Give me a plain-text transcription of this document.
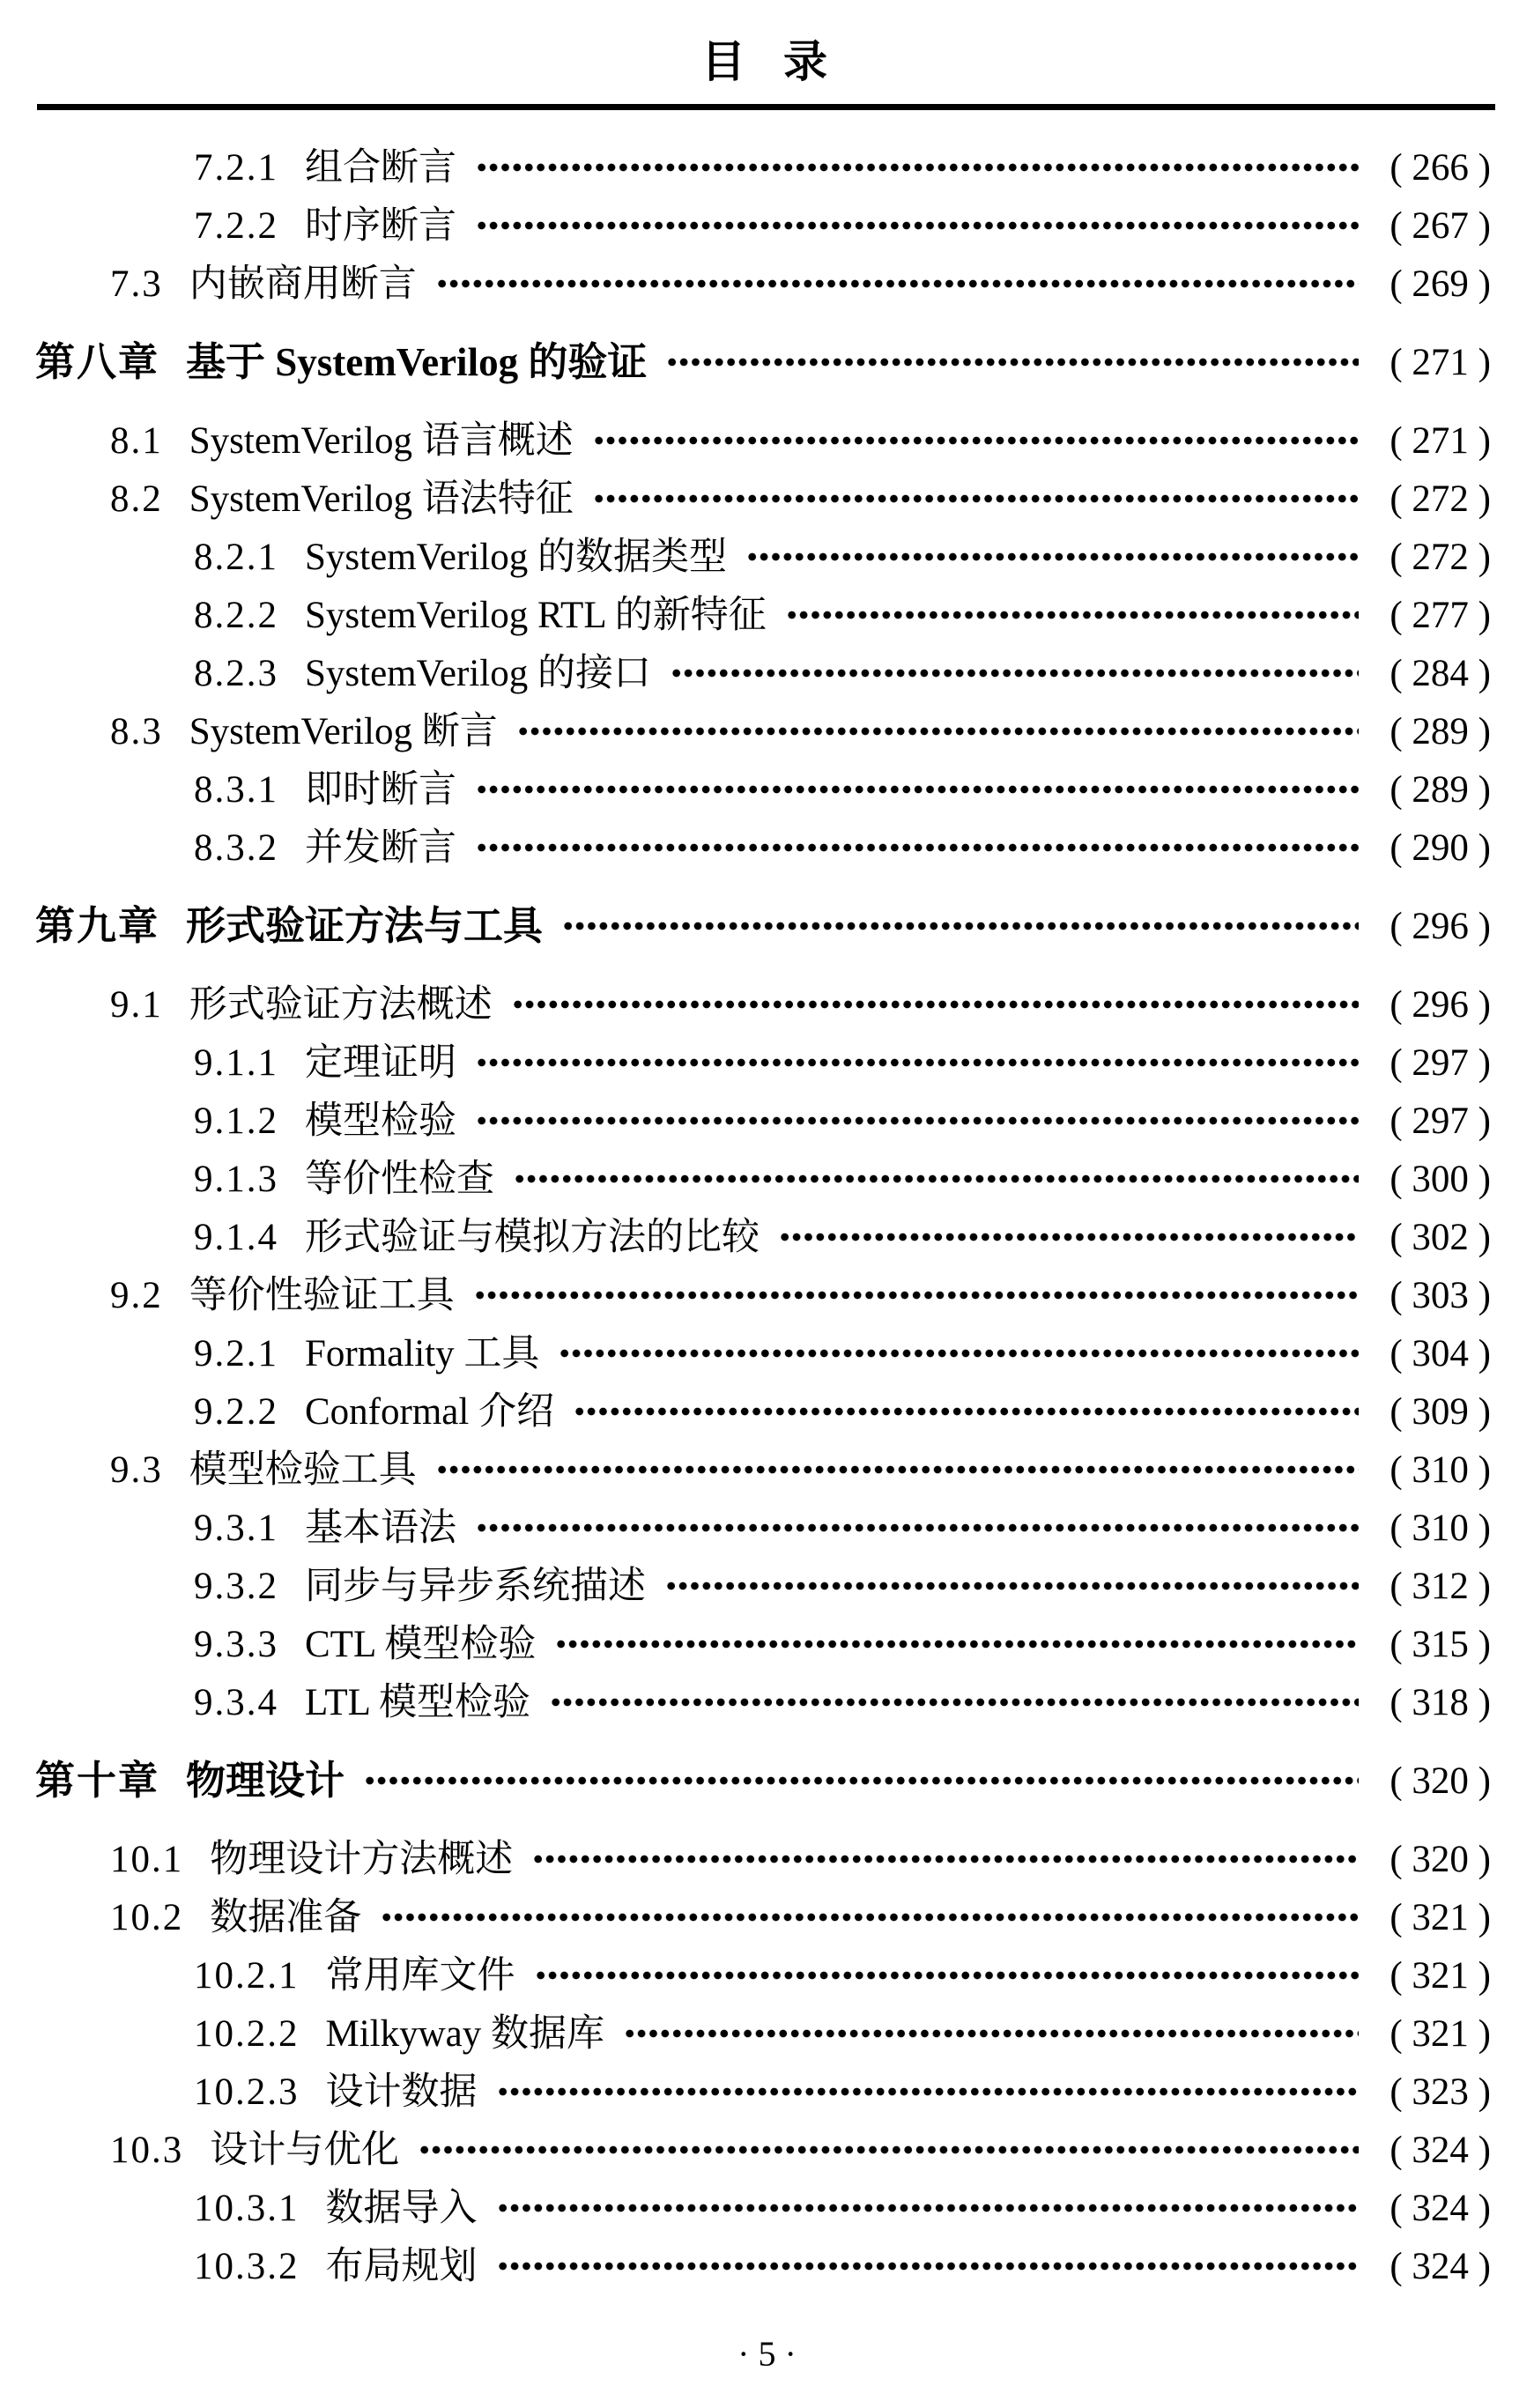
目  录
7.2.1 组合断言	( 266 )
7.2.2 时序断言	( 267 )
7.3 内嵌商用断言	( 269 )
第八章 基于 SystemVerilog 的验证	( 271 )
8.1 SystemVerilog 语言概述	( 271 )
8.2 SystemVerilog 语法特征	( 272 )
8.2.1 SystemVerilog 的数据类型	( 272 )
8.2.2 SystemVerilog RTL 的新特征	( 277 )
8.2.3 SystemVerilog 的接口	( 284 )
8.3 SystemVerilog 断言	( 289 )
8.3.1 即时断言	( 289 )
8.3.2 并发断言	( 290 )
第九章 形式验证方法与工具	( 296 )
9.1 形式验证方法概述	( 296 )
9.1.1 定理证明	( 297 )
9.1.2 模型检验	( 297 )
9.1.3 等价性检查	( 300 )
9.1.4 形式验证与模拟方法的比较	( 302 )
9.2 等价性验证工具	( 303 )
9.2.1 Formality 工具	( 304 )
9.2.2 Conformal 介绍	( 309 )
9.3 模型检验工具	( 310 )
9.3.1 基本语法	( 310 )
9.3.2 同步与异步系统描述	( 312 )
9.3.3 CTL 模型检验	( 315 )
9.3.4 LTL 模型检验	( 318 )
第十章 物理设计	( 320 )
10.1 物理设计方法概述	( 320 )
10.2 数据准备	( 321 )
10.2.1 常用库文件	( 321 )
10.2.2 Milkyway 数据库	( 321 )
10.2.3 设计数据	( 323 )
10.3 设计与优化	( 324 )
10.3.1 数据导入	( 324 )
10.3.2 布局规划	( 324 )
· 5 ·
